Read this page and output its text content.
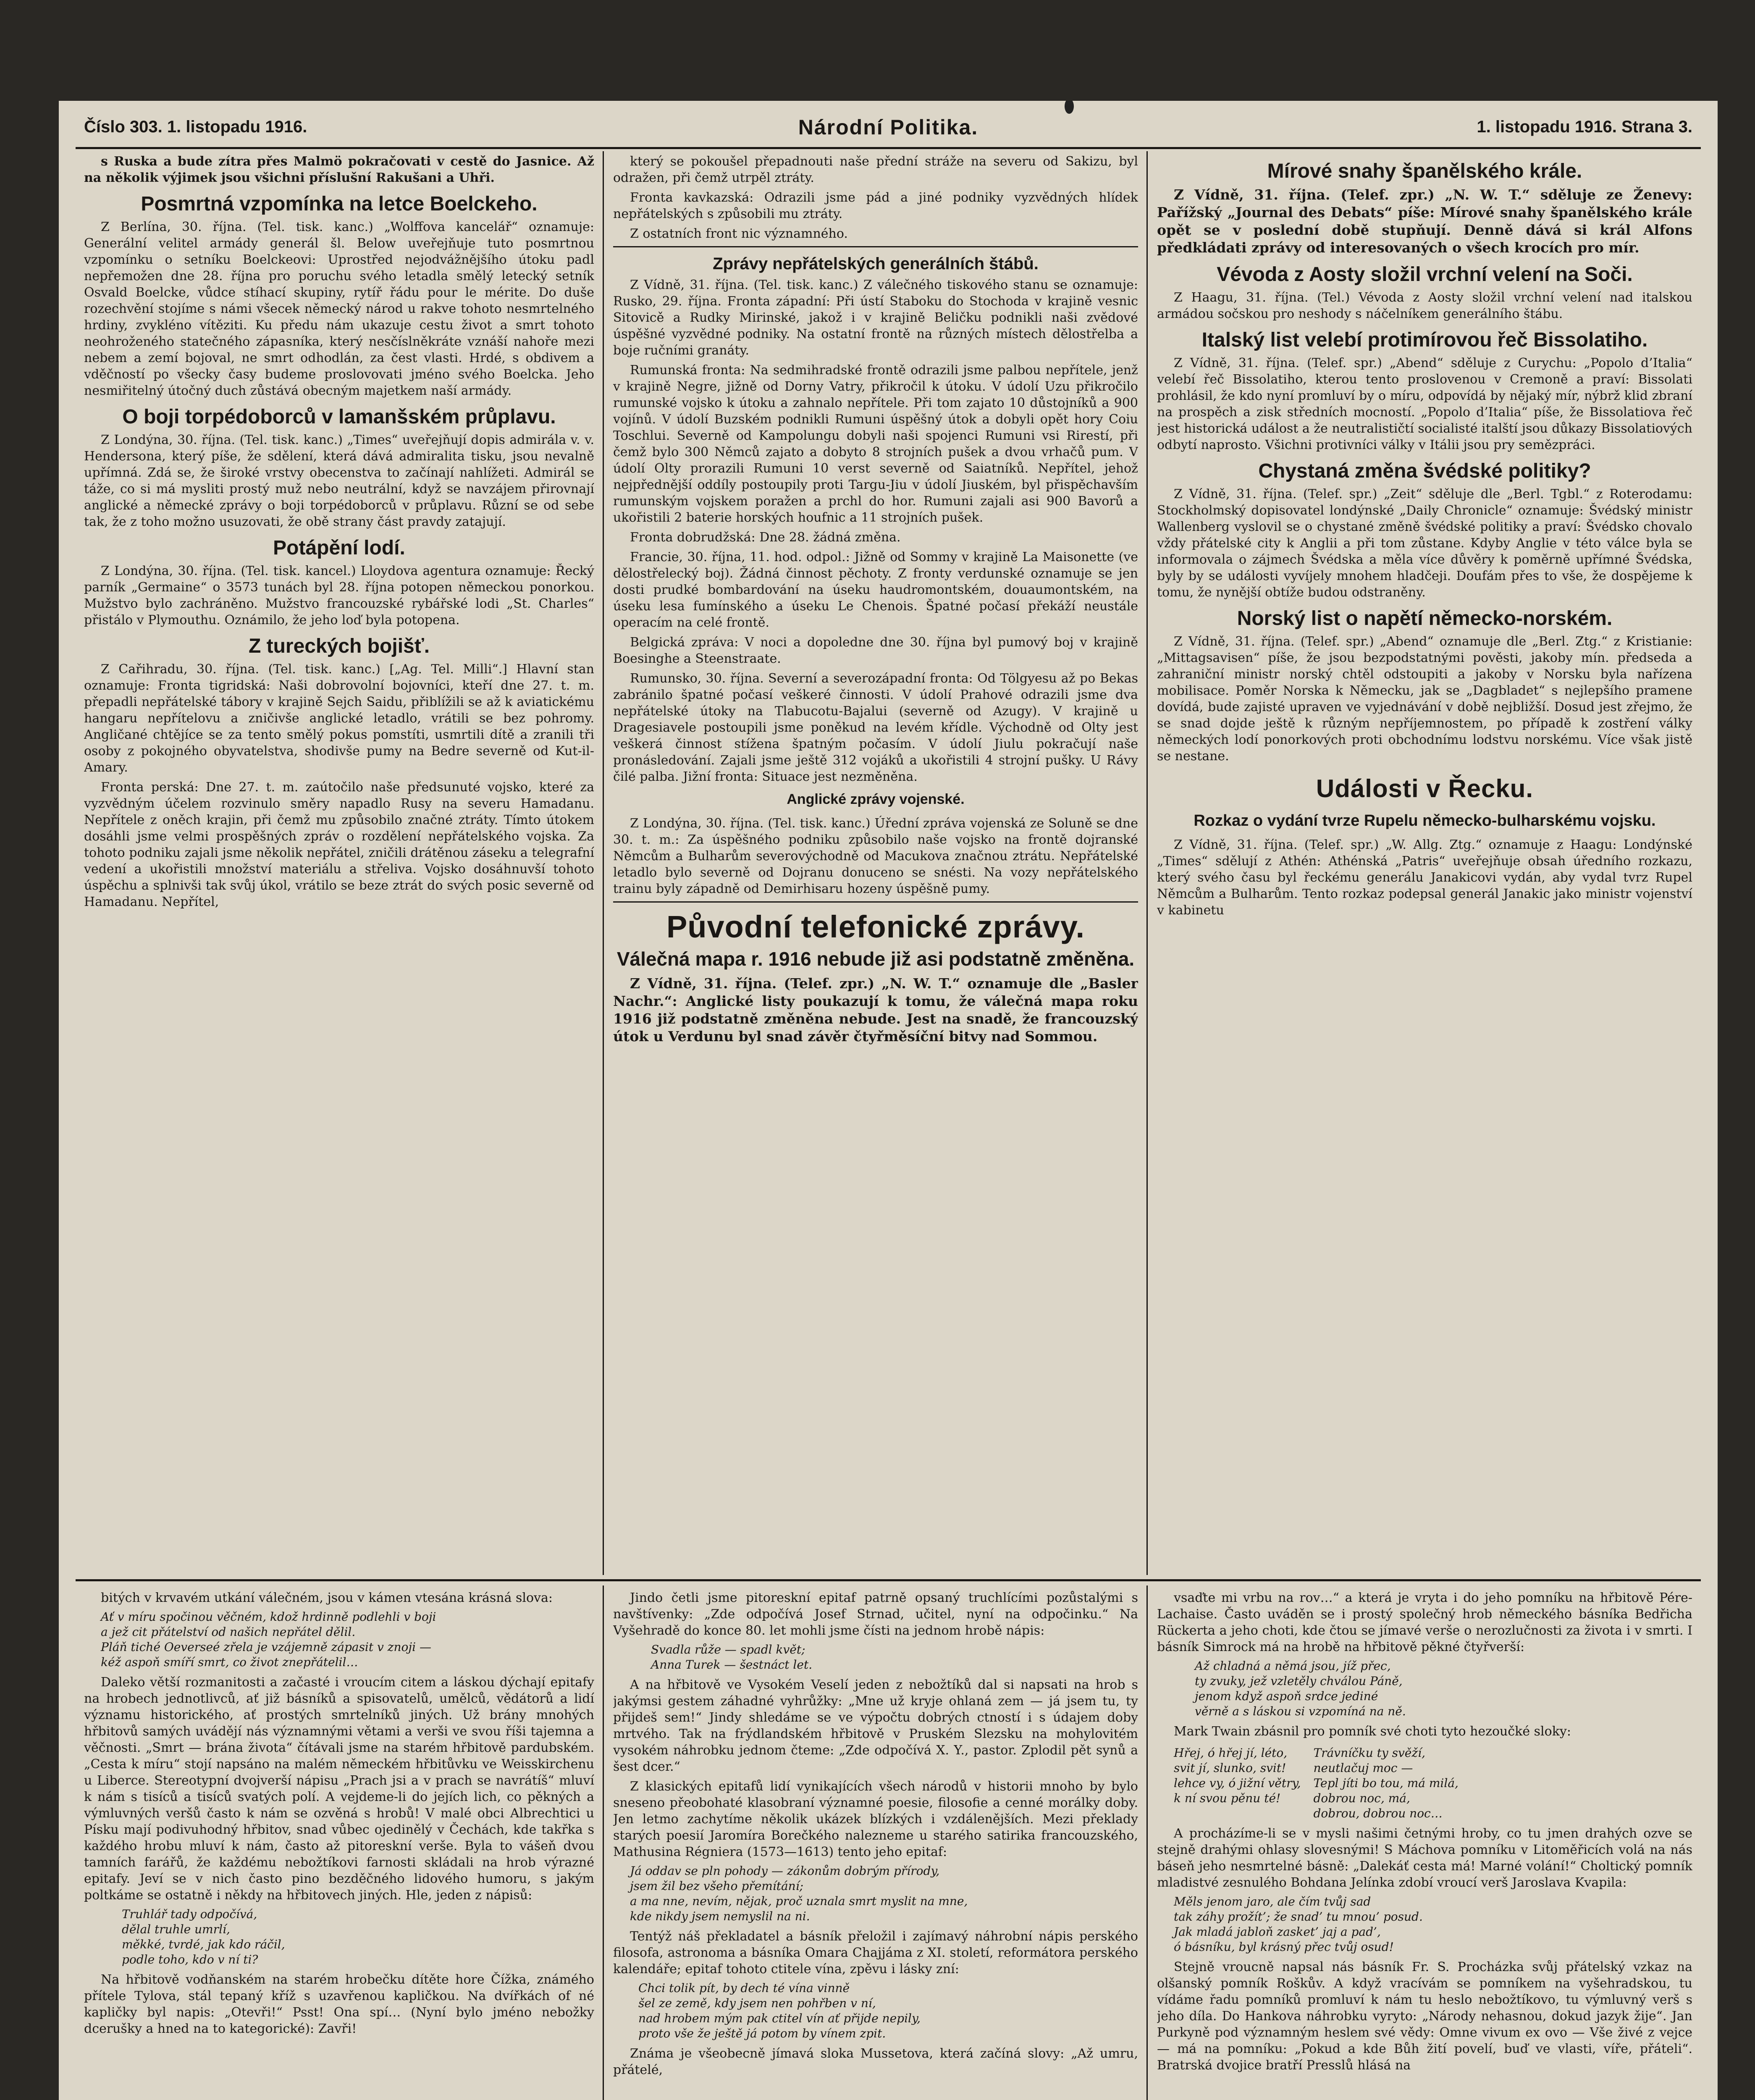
Číslo 303. 1. listopadu 1916.	Národní Politika.	1. listopadu 1916. Strana 3.

s Ruska a bude zítra přes Malmö pokračovati v cestě do Jasnice. Až na několik výjimek jsou všichni příslušní Rakušani a Uhři.

Posmrtná vzpomínka na letce Boelckeho.

Z Berlína, 30. října. (Tel. tisk. kanc.) „Wolffova kancelář“ oznamuje: Generální velitel armády generál šl. Below uveřejňuje tuto posmrtnou vzpomínku o setníku Boelckeovi: Uprostřed nejodvážnějšího útoku padl nepřemožen dne 28. října pro poruchu svého letadla smělý letecký setník Osvald Boelcke, vůdce stíhací skupiny, rytíř řádu pour le mérite. Do duše rozechvění stojíme s námi všecek německý národ u rakve tohoto nesmrtelného hrdiny, zvykléno vítěziti. Ku předu nám ukazuje cestu život a smrt tohoto neohroženého statečného zápasníka, který nesčíslněkráte vznáší nahoře mezi nebem a zemí bojoval, ne smrt odhodlán, za čest vlasti. Hrdé, s obdivem a vděčností po všecky časy budeme proslovovati jméno svého Boelcka. Jeho nesmiřitelný útočný duch zůstává obecným majetkem naší armády.

O boji torpédoborců v lamanšském průplavu.

Z Londýna, 30. října. (Tel. tisk. kanc.) „Times“ uveřejňují dopis admirála v. v. Hendersona, který píše, že sdělení, která dává admiralita tisku, jsou nevalně upřímná. Zdá se, že široké vrstvy obecenstva to začínají nahlížeti. Admirál se táže, co si má mysliti prostý muž nebo neutrální, když se navzájem přirovnají anglické a německé zprávy o boji torpédoborců v průplavu. Různí se od sebe tak, že z toho možno usuzovati, že obě strany část pravdy zatajují.

Potápění lodí.

Z Londýna, 30. října. (Tel. tisk. kancel.) Lloydova agentura oznamuje: Řecký parník „Germaine“ o 3573 tunách byl 28. října potopen německou ponorkou. Mužstvo bylo zachráněno. Mužstvo francouzské rybářské lodi „St. Charles“ přistálo v Plymouthu. Oznámilo, že jeho loď byla potopena.

Z tureckých bojišť.

Z Cařihradu, 30. října. (Tel. tisk. kanc.) [„Ag. Tel. Milli“.] Hlavní stan oznamuje: Fronta tigridská: Naši dobrovolní bojovníci, kteří dne 27. t. m. přepadli nepřátelské tábory v krajině Sejch Saidu, přiblížili se až k aviatickému hangaru nepřítelovu a zničivše anglické letadlo, vrátili se bez pohromy. Angličané chtějíce se za tento smělý pokus pomstíti, usmrtili dítě a zranili tři osoby z pokojného obyvatelstva, shodivše pumy na Bedre severně od Kut-il-Amary.

Fronta perská: Dne 27. t. m. zaútočilo naše předsunuté vojsko, které za vyzvědným účelem rozvinulo směry napadlo Rusy na severu Hamadanu. Nepřítele z oněch krajin, při čemž mu způsobilo značné ztráty. Tímto útokem dosáhli jsme velmi prospěšných zpráv o rozdělení nepřátelského vojska. Za tohoto podniku zajali jsme několik nepřátel, zničili drátěnou záseku a telegrafní vedení a ukořistili množství materiálu a střeliva. Vojsko dosáhnuvší tohoto úspěchu a splnivši tak svůj úkol, vrátilo se beze ztrát do svých posic severně od Hamadanu. Nepřítel,

který se pokoušel přepadnouti naše přední stráže na severu od Sakizu, byl odražen, při čemž utrpěl ztráty.

Fronta kavkazská: Odrazili jsme pád a jiné podniky vyzvědných hlídek nepřátelských s způsobili mu ztráty.

Z ostatních front nic významného.

Zprávy nepřátelských generálních štábů.

Z Vídně, 31. října. (Tel. tisk. kanc.) Z válečného tiskového stanu se oznamuje: Rusko, 29. října. Fronta západní: Při ústí Staboku do Stochoda v krajině vesnic Sitovicě a Rudky Mirinské, jakož i v krajině Beličku podnikli naši zvědové úspěšné vyzvědné podniky. Na ostatní frontě na různých místech dělostřelba a boje ručními granáty.

Rumunská fronta: Na sedmihradské frontě odrazili jsme palbou nepřítele, jenž v krajině Negre, jižně od Dorny Vatry, přikročil k útoku. V údolí Uzu přikročilo rumunské vojsko k útoku a zahnalo nepřítele. Při tom zajato 10 důstojníků a 900 vojínů. V údolí Buzském podnikli Rumuni úspěšný útok a dobyli opět hory Coiu Toschlui. Severně od Kampolungu dobyli naši spojenci Rumuni vsi Rirestí, při čemž bylo 300 Němců zajato a dobyto 8 strojních pušek a dvou vrhačů pum. V údolí Olty prorazili Rumuni 10 verst severně od Saiatníků. Nepřítel, jehož nejpřednější oddíly postoupily proti Targu-Jiu v údolí Jiuském, byl přispěchavším rumunským vojskem poražen a prchl do hor. Rumuni zajali asi 900 Bavorů a ukořistili 2 baterie horských houfnic a 11 strojních pušek.

Fronta dobrudžská: Dne 28. žádná změna.

Francie, 30. října, 11. hod. odpol.: Jižně od Sommy v krajině La Maisonette (ve dělostřelecký boj). Žádná činnost pěchoty. Z fronty verdunské oznamuje se jen dosti prudké bombardování na úseku haudromontském, douaumontském, na úseku lesa fumínského a úseku Le Chenois. Špatné počasí překáží neustále operacím na celé frontě.

Belgická zpráva: V noci a dopoledne dne 30. října byl pumový boj v krajině Boesinghe a Steenstraate.

Rumunsko, 30. října. Severní a severozápadní fronta: Od Tölgyesu až po Bekas zabránilo špatné počasí veškeré činnosti. V údolí Prahové odrazili jsme dva nepřátelské útoky na Tlabucotu-Bajalui (severně od Azugy). V krajině u Dragesiavele postoupili jsme poněkud na levém křídle. Východně od Olty jest veškerá činnost stížena špatným počasím. V údolí Jiulu pokračují naše pronásledování. Zajali jsme ještě 312 vojáků a ukořistili 4 strojní pušky. U Rávy čilé palba. Jižní fronta: Situace jest nezměněna.

Anglické zprávy vojenské.

Z Londýna, 30. října. (Tel. tisk. kanc.) Úřední zpráva vojenská ze Soluně se dne 30. t. m.: Za úspěšného podniku způsobilo naše vojsko na frontě dojranské Němcům a Bulharům severovýchodně od Macukova značnou ztrátu. Nepřátelské letadlo bylo severně od Dojranu donuceno se snésti. Na vozy nepřátelského trainu byly západně od Demirhisaru hozeny úspěšně pumy.

Původní telefonické zprávy.
Válečná mapa r. 1916 nebude již asi podstatně změněna.

Z Vídně, 31. října. (Telef. zpr.) „N. W. T.“ oznamuje dle „Basler Nachr.“: Anglické listy poukazují k tomu, že válečná mapa roku 1916 již podstatně změněna nebude. Jest na snadě, že francouzský útok u Verdunu byl snad závěr čtyřměsíční bitvy nad Sommou.

Mírové snahy španělského krále.

Z Vídně, 31. října. (Telef. zpr.) „N. W. T.“ sděluje ze Ženevy: Pařížský „Journal des Debats“ píše: Mírové snahy španělského krále opět se v poslední době stupňují. Denně dává si král Alfons předkládati zprávy od interesovaných o všech krocích pro mír.

Vévoda z Aosty složil vrchní velení na Soči.

Z Haagu, 31. října. (Tel.) Vévoda z Aosty složil vrchní velení nad italskou armádou sočskou pro neshody s náčelníkem generálního štábu.

Italský list velebí protimírovou řeč Bissolatiho.

Z Vídně, 31. října. (Telef. spr.) „Abend“ sděluje z Curychu: „Popolo d’Italia“ velebí řeč Bissolatiho, kterou tento proslovenou v Cremoně a praví: Bissolati prohlásil, že kdo nyní promluví by o míru, odpovídá by nějaký mír, nýbrž klid zbraní na prospěch a zisk středních mocností. „Popolo d’Italia“ píše, že Bissolatiova řeč jest historická událost a že neutralističtí socialisté italští jsou důkazy Bissolatiových odbytí naprosto. Všichni protivníci války v Itálii jsou pry semězpráci.

Chystaná změna švédské politiky?

Z Vídně, 31. října. (Telef. spr.) „Zeit“ sděluje dle „Berl. Tgbl.“ z Roterodamu: Stockholmský dopisovatel londýnské „Daily Chronicle“ oznamuje: Švédský ministr Wallenberg vyslovil se o chystané změně švédské politiky a praví: Švédsko chovalo vždy přátelské city k Anglii a při tom zůstane. Kdyby Anglie v této válce byla se informovala o zájmech Švédska a měla více důvěry k poměrně upřímné Švédska, byly by se události vyvíjely mnohem hladčeji. Doufám přes to vše, že dospějeme k tomu, že nynější obtíže budou odstraněny.

Norský list o napětí německo-norském.

Z Vídně, 31. října. (Telef. spr.) „Abend“ oznamuje dle „Berl. Ztg.“ z Kristianie: „Mittagsavisen“ píše, že jsou bezpodstatnými pověsti, jakoby mín. předseda a zahraniční ministr norský chtěl odstoupiti a jakoby v Norsku byla nařízena mobilisace. Poměr Norska k Německu, jak se „Dagbladet“ s nejlepšího pramene dovídá, bude zajisté upraven ve vyjednávání v době nejbližší. Dosud jest zřejmo, že se snad dojde ještě k různým nepříjemnostem, po případě k zostření války německých lodí ponorkových proti obchodnímu lodstvu norskému. Více však jistě se nestane.

Události v Řecku.
Rozkaz o vydání tvrze Rupelu německo-bulharskému vojsku.

Z Vídně, 31. října. (Telef. spr.) „W. Allg. Ztg.“ oznamuje z Haagu: Londýnské „Times“ sdělují z Athén: Athénská „Patris“ uveřejňuje obsah úředního rozkazu, který svého času byl řeckému generálu Janakicovi vydán, aby vydal tvrz Rupel Němcům a Bulharům. Tento rozkaz podepsal generál Janakic jako ministr vojenství v kabinetu

bitých v krvavém utkání válečném, jsou v kámen vtesána krásná slova:

Ať v míru spočinou věčném, kdož hrdinně podlehli v boji
a jež cit přátelství od našich nepřátel dělil.
Pláň tiché Oeverseé zřela je vzájemně zápasit v znoji —
kéž aspoň smíří smrt, co život znepřátelil…

Daleko větší rozmanitosti a začasté i vroucím citem a láskou dýchají epitafy na hrobech jednotlivců, ať již básníků a spisovatelů, umělců, vědátorů a lidí významu historického, ať prostých smrtelníků jiných. Už brány mnohých hřbitovů samých uvádějí nás významnými větami a verši ve svou říši tajemna a věčnosti. „Smrt — brána života“ čítávali jsme na starém hřbitově pardubském. „Cesta k míru“ stojí napsáno na malém německém hřbitůvku ve Weisskirchenu u Liberce. Stereotypní dvojverší nápisu „Prach jsi a v prach se navrátíš“ mluví k nám s tisíců a tisíců svatých polí. A vejdeme-li do jejích lich, co pěkných a výmluvných veršů často k nám se ozvěná s hrobů! V malé obci Albrechtici u Písku mají podivuhodný hřbitov, snad vůbec ojedinělý v Čechách, kde takřka s každého hrobu mluví k nám, často až pitoreskní verše. Byla to vášeň dvou tamních farářů, že každému nebožtíkovi farnosti skládali na hrob výrazné epitafy. Jeví se v nich často pino bezděčného lidového humoru, s jakým poltkáme se ostatně i někdy na hřbitovech jiných. Hle, jeden z nápisů:

Truhlář tady odpočívá,
dělal truhle umrlí,
měkké, tvrdé, jak kdo ráčil,
podle toho, kdo v ní ti?

Na hřbitově vodňanském na starém hrobečku dítěte hore Čížka, známého přítele Tylova, stál tepaný kříž s uzavřenou kapličkou. Na dvířkách of né kapličky byl napis: „Otevři!“ Psst! Ona spí… (Nyní bylo jméno nebožky dcerušky a hned na to kategorické): Zavři!

Jindo četli jsme pitoreskní epitaf patrně opsaný truchlícími pozůstalými s navštívenky: „Zde odpočívá Josef Strnad, učitel, nyní na odpočinku.“ Na Vyšehradě do konce 80. let mohli jsme čísti na jednom hrobě nápis:

Svadla růže — spadl květ;
Anna Turek — šestnáct let.

A na hřbitově ve Vysokém Veselí jeden z nebožtíků dal si napsati na hrob s jakýmsi gestem záhadné vyhrůžky: „Mne už kryje ohlaná zem — já jsem tu, ty přijdeš sem!“ Jindy shledáme se ve výpočtu dobrých ctností i s údajem doby mrtvého. Tak na frýdlandském hřbitově v Pruském Slezsku na mohylovitém vysokém náhrobku jednom čteme: „Zde odpočívá X. Y., pastor. Zplodil pět synů a šest dcer.“

Z klasických epitafů lidí vynikajících všech národů v historii mnoho by bylo sneseno přeobohaté klasobraní významné poesie, filosofie a cenné morálky doby. Jen letmo zachytíme několik ukázek blízkých i vzdálenějších. Mezi překlady starých poesií Jaromíra Borečkého nalezneme u starého satirika francouzského, Mathusina Régniera (1573—1613) tento jeho epitaf:

Já oddav se pln pohody — zákonům dobrým přírody,
jsem žil bez všeho přemítání;
a ma nne, nevím, nějak, proč uznala smrt myslit na mne,
kde nikdy jsem nemyslil na ni.

Tentýž náš překladatel a básník přeložil i zajímavý náhrobní nápis perského filosofa, astronoma a básníka Omara Chajjáma z XI. století, reformátora perského kalendáře; epitaf tohoto ctitele vína, zpěvu i lásky zní:

Chci tolik pít, by dech té vína vinně
šel ze země, kdy jsem nen pohřben v ní,
nad hrobem mým pak ctitel vín ať přijde nepily,
proto vše že ještě já potom by vínem zpit.

Známa je všeobecně jímavá sloka Mussetova, která začíná slovy: „Až umru, přátelé,

vsaďte mi vrbu na rov…“ a která je vryta i do jeho pomníku na hřbitově Pére-Lachaise. Často uváděn se i prostý společný hrob německého básníka Bedřicha Rückerta a jeho choti, kde čtou se jímavé verše o nerozlučnosti za života i v smrti. I básník Simrock má na hrobě na hřbitově pěkné čtyřverší:

Až chladná a němá jsou, jíž přec,
ty zvuky, jež vzletěly chválou Páně,
jenom když aspoň srdce jediné
věrně a s láskou si vzpomíná na ně.

Mark Twain zbásnil pro pomník své choti tyto hezoučké sloky:

Hřej, ó hřej jí, léto,
svit jí, slunko, svit!
lehce vy, ó jižní větry,
k ní svou pěnu té!
Trávníčku ty svěží,
neutlačuj moc —
Tepl jíti bo tou, má milá,
dobrou noc, má,
dobrou, dobrou noc…

A procházíme-li se v mysli našimi četnými hroby, co tu jmen drahých ozve se stejně drahými ohlasy slovesnými! S Máchova pomníku v Litoměřicích volá na nás báseň jeho nesmrtelné básně: „Dalekáť cesta má! Marné volání!“ Choltický pomník mladistvé zesnulého Bohdana Jelínka zdobí vroucí verš Jaroslava Kvapila:

Měls jenom jaro, ale čím tvůj sad
tak záhy prožít’; že snad’ tu mnou’ posud.
Jak mladá jabloň zasket’ jaj a pad’,
ó básníku, byl krásný přec tvůj osud!

Stejně vroucně napsal nás básník Fr. S. Procházka svůj přátelský vzkaz na olšanský pomník Roškův. A když vracívám se pomníkem na vyšehradskou, tu vídáme řadu pomníků promluví k nám tu heslo nebožtíkovo, tu výmluvný verš s jeho díla. Do Hankova náhrobku vyryto: „Národy nehasnou, dokud jazyk žije“. Jan Purkyně pod významným heslem své vědy: Omne vivum ex ovo — Vše živé z vejce — má na pomníku: „Pokud a kde Bůh žití povelí, buď ve vlasti, víře, přáteli“. Bratrská dvojice bratří Presslů hlásá na
